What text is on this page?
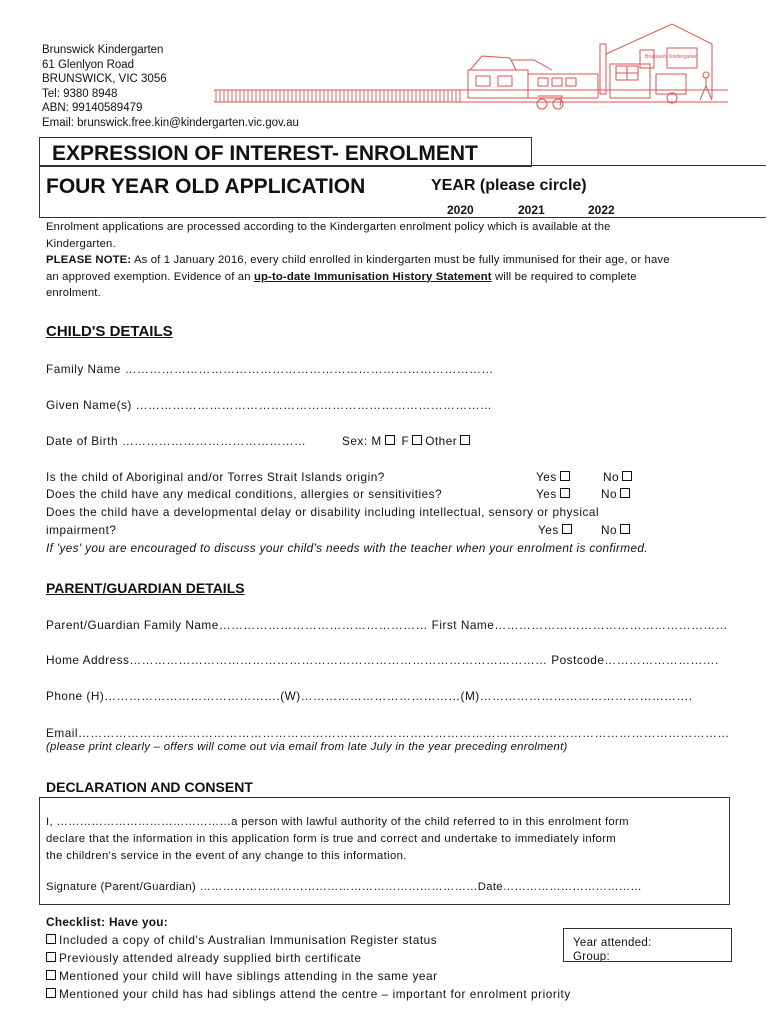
Brunswick Kindergarten
61 Glenlyon Road
BRUNSWICK, VIC 3056
Tel: 9380 8948
ABN: 99140589479
Email: brunswick.free.kin@kindergarten.vic.gov.au
Brunswick Kindergarten
EXPRESSION OF INTEREST- ENROLMENT
FOUR YEAR OLD APPLICATION	YEAR (please circle)
2020	2021	2022
Enrolment applications are processed according to the Kindergarten enrolment policy which is available at the
Kindergarten.
PLEASE NOTE: As of 1 January 2016, every child enrolled in kindergarten must be fully immunised for their age, or have
an approved exemption. Evidence of an up-to-date Immunisation History Statement will be required to complete
enrolment.
CHILD'S DETAILS
Family Name ………………………………………………………………………………
Given Name(s) ……………………………………………………………………………
Date of Birth ………………………………………	Sex: M F Other
Is the child of Aboriginal and/or Torres Strait Islands origin?	Yes	No
Does the child have any medical conditions, allergies or sensitivities?	Yes	No
Does the child have a developmental delay or disability including intellectual, sensory or physical
impairment?	Yes	No
If 'yes' you are encouraged to discuss your child's needs with the teacher when your enrolment is confirmed.
PARENT/GUARDIAN DETAILS
Parent/Guardian Family Name…………………………………………… First Name…………………………………………………
Home Address………………………………………………………………………………………… Postcode……………………….
Phone (H)…………………………………….(W)…………………………………(M)…………………………………………….
Email……………………………………………………………………………………………………………………………………………
(please print clearly – offers will come out via email from late July in the year preceding enrolment)
DECLARATION AND CONSENT
I, ………………………………………a person with lawful authority of the child referred to in this enrolment form
declare that the information in this application form is true and correct and undertake to immediately inform
the children's service in the event of any change to this information.
Signature (Parent/Guardian) ………………………………………………………………Date………………………………
Checklist: Have you:
Included a copy of child's Australian Immunisation Register status
Previously attended already supplied birth certificate
Mentioned your child will have siblings attending in the same year
Mentioned your child has had siblings attend the centre – important for enrolment priority
Year attended:
Group:
